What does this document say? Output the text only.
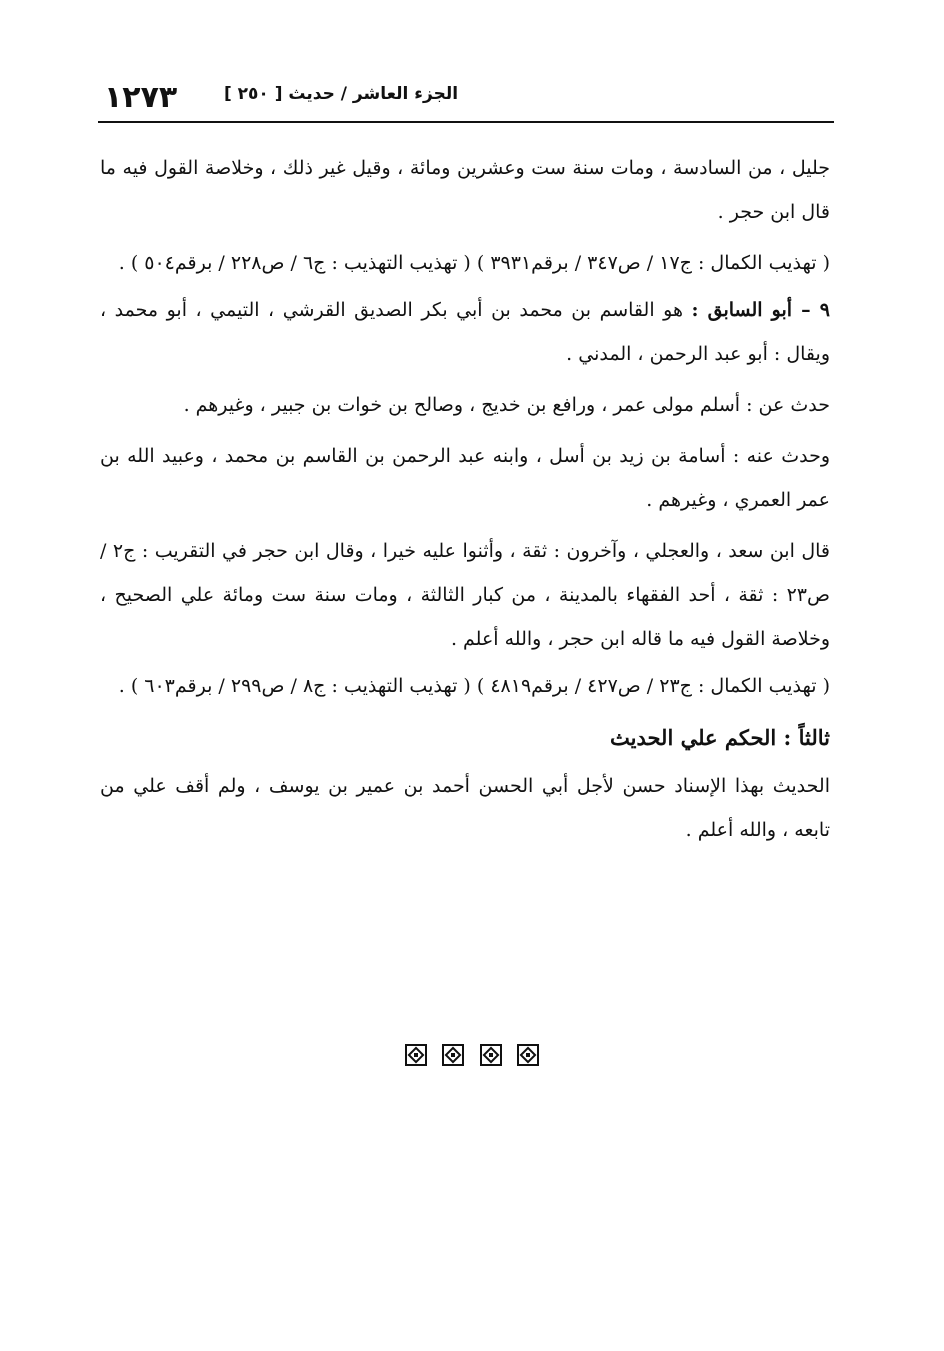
١٢٧٣	الجزء العاشر / حديث [ ٢٥٠ ]

جليل ، من السادسة ، ومات سنة ست وعشرين ومائة ، وقيل غير ذلك ، وخلاصة القول فيه ما قال ابن حجر .

( تهذيب الكمال : ج١٧ / ص٣٤٧ / برقم٣٩٣١ ) ( تهذيب التهذيب : ج٦ / ص٢٢٨ / برقم٥٠٤ ) .

٩ – أبو السابق : هو القاسم بن محمد بن أبي بكر الصديق القرشي ، التيمي ، أبو محمد ، ويقال : أبو عبد الرحمن ، المدني .

حدث عن : أسلم مولى عمر ، ورافع بن خديج ، وصالح بن خوات بن جبير ، وغيرهم .

وحدث عنه : أسامة بن زيد بن أسل ، وابنه عبد الرحمن بن القاسم بن محمد ، وعبيد الله بن عمر العمري ، وغيرهم .

قال ابن سعد ، والعجلي ، وآخرون : ثقة ، وأثنوا عليه خيرا ، وقال ابن حجر في التقريب : ج٢ / ص٢٣ : ثقة ، أحد الفقهاء بالمدينة ، من كبار الثالثة ، ومات سنة ست ومائة علي الصحيح ، وخلاصة القول فيه ما قاله ابن حجر ، والله أعلم .

( تهذيب الكمال : ج٢٣ / ص٤٢٧ / برقم٤٨١٩ ) ( تهذيب التهذيب : ج٨ / ص٢٩٩ / برقم٦٠٣ ) .

ثالثاً : الحكم علي الحديث

الحديث بهذا الإسناد حسن لأجل أبي الحسن أحمد بن عمير بن يوسف ، ولم أقف علي من تابعه ، والله أعلم .
